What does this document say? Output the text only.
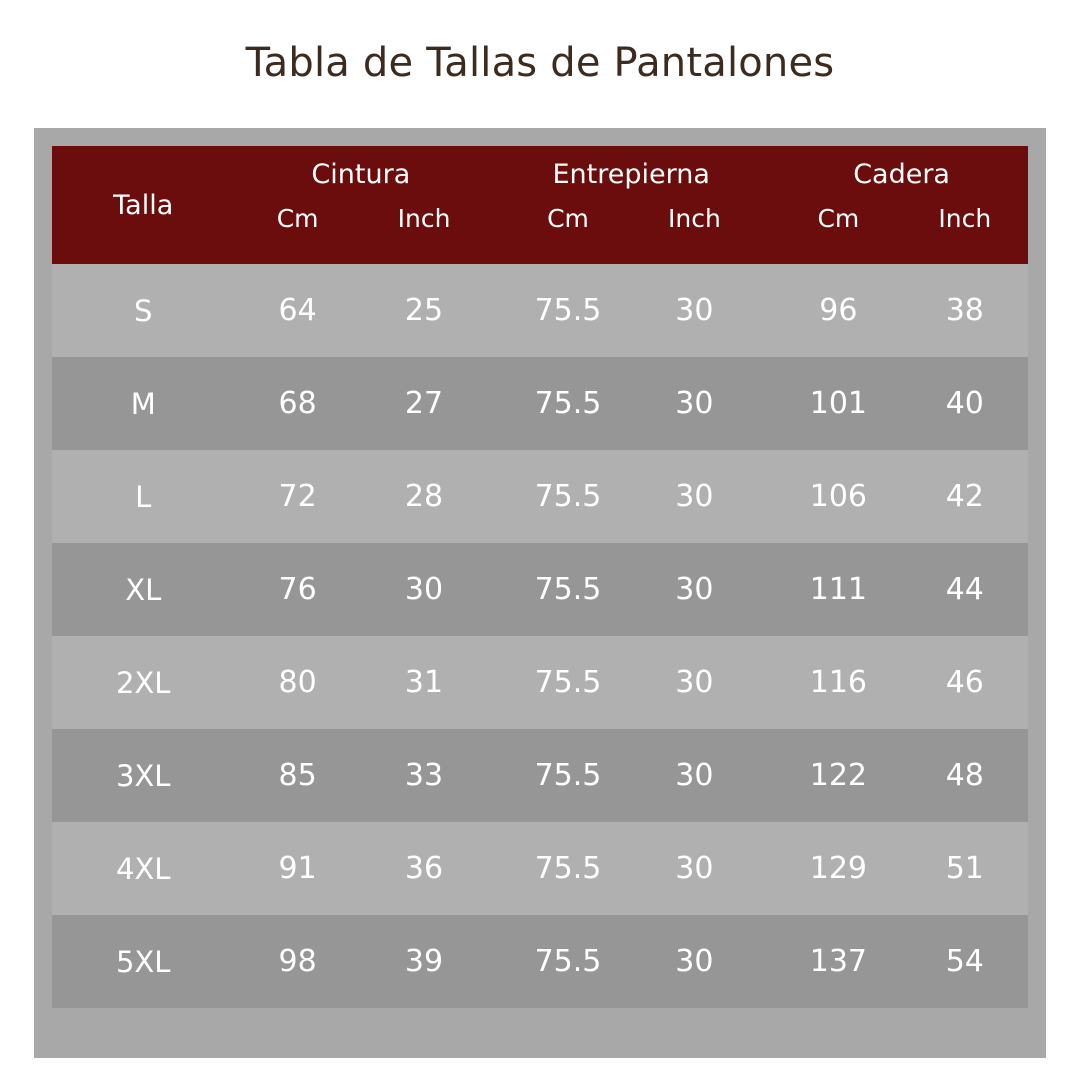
Tabla de Tallas de Pantalones
Talla	Cintura			Entrepierna			Cadera	
	Cm	Inch		Cm	Inch		Cm	Inch
S	64	25		75.5	30		96	38
M	68	27		75.5	30		101	40
L	72	28		75.5	30		106	42
XL	76	30		75.5	30		111	44
2XL	80	31		75.5	30		116	46
3XL	85	33		75.5	30		122	48
4XL	91	36		75.5	30		129	51
5XL	98	39		75.5	30		137	54
